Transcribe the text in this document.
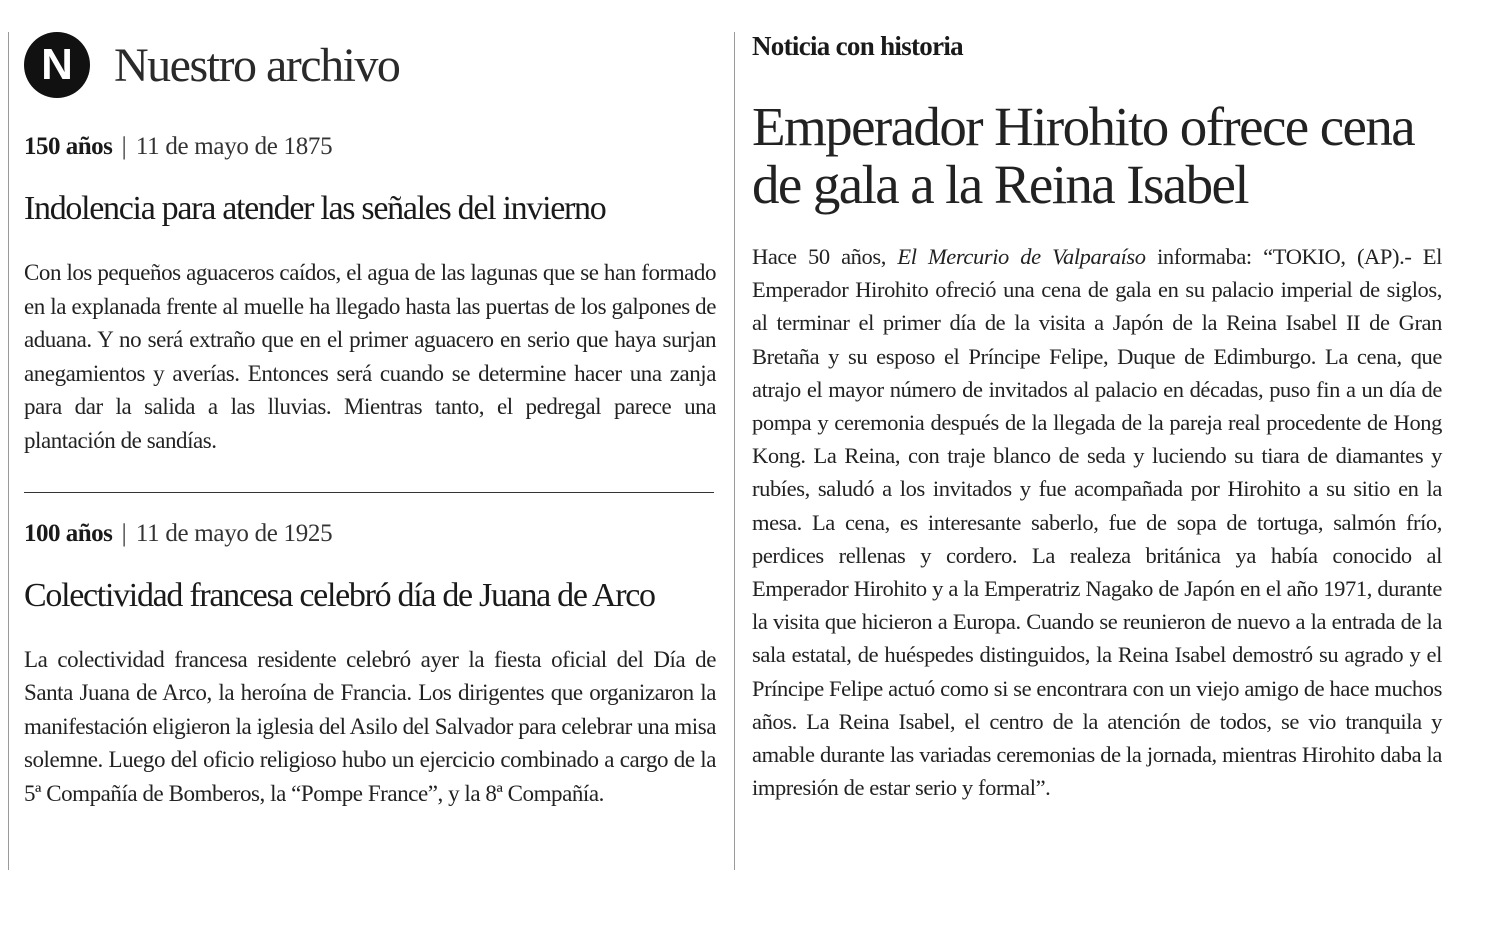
N Nuestro archivo
150 años | 11 de mayo de 1875
Indolencia para atender las señales del invierno
Con los pequeños aguaceros caídos, el agua de las lagunas que se han formado en la explanada frente al muelle ha llegado hasta las puertas de los galpones de aduana. Y no será extraño que en el primer aguacero en serio que haya surjan anegamientos y averías. Entonces será cuando se determine hacer una zanja para dar la salida a las lluvias. Mientras tanto, el pedregal parece una plantación de sandías.
100 años | 11 de mayo de 1925
Colectividad francesa celebró día de Juana de Arco
La colectividad francesa residente celebró ayer la fiesta oficial del Día de Santa Juana de Arco, la heroína de Francia. Los dirigentes que organizaron la manifestación eligieron la iglesia del Asilo del Salvador para celebrar una misa solemne. Luego del oficio religioso hubo un ejercicio combinado a cargo de la 5ª Compañía de Bomberos, la “Pompe France”, y la 8ª Compañía.
Noticia con historia
Emperador Hirohito ofrece cena de gala a la Reina Isabel
Hace 50 años, El Mercurio de Valparaíso informaba: “TOKIO, (AP).- El Emperador Hirohito ofreció una cena de gala en su palacio imperial de siglos, al terminar el primer día de la visita a Japón de la Reina Isabel II de Gran Bretaña y su esposo el Príncipe Felipe, Duque de Edimburgo. La cena, que atrajo el mayor número de invitados al palacio en décadas, puso fin a un día de pompa y ceremonia después de la llegada de la pareja real procedente de Hong Kong. La Reina, con traje blanco de seda y luciendo su tiara de diamantes y rubíes, saludó a los invitados y fue acompañada por Hirohito a su sitio en la mesa. La cena, es interesante saberlo, fue de sopa de tortuga, salmón frío, perdices rellenas y cordero. La realeza británica ya había conocido al Emperador Hirohito y a la Emperatriz Nagako de Japón en el año 1971, durante la visita que hicieron a Europa. Cuando se reunieron de nuevo a la entrada de la sala estatal, de huéspedes distinguidos, la Reina Isabel demostró su agrado y el Príncipe Felipe actuó como si se encontrara con un viejo amigo de hace muchos años. La Reina Isabel, el centro de la atención de todos, se vio tranquila y amable durante las variadas ceremonias de la jornada, mientras Hirohito daba la impresión de estar serio y formal”.
